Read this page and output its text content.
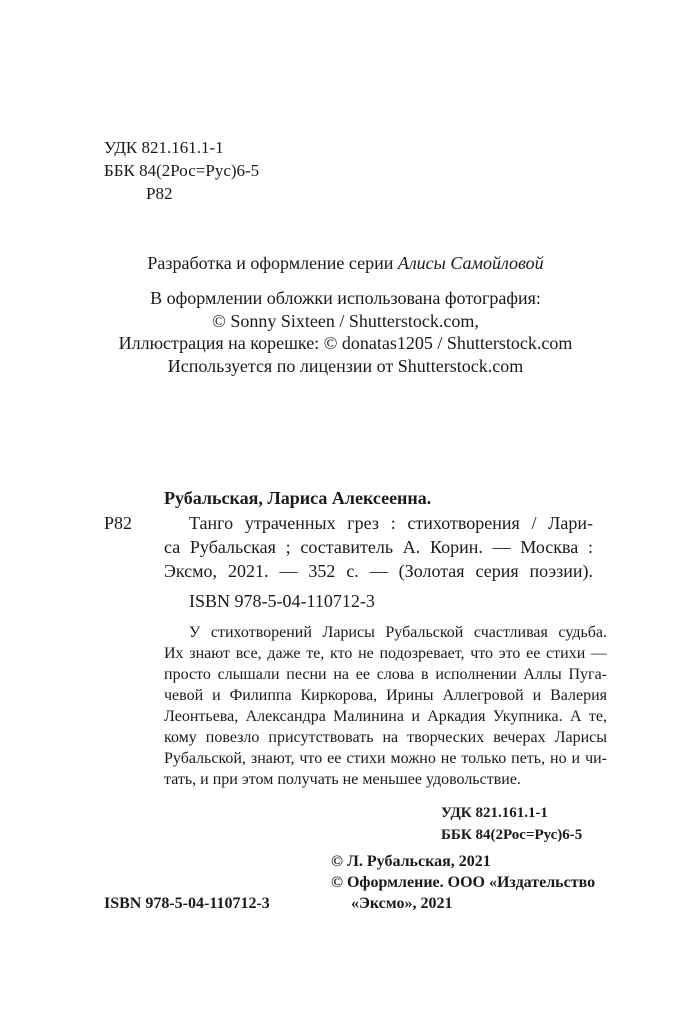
УДК 821.161.1-1
ББК 84(2Рос=Рус)6-5
Р82
Разработка и оформление серии Алисы Самойловой
В оформлении обложки использована фотография:
© Sonny Sixteen / Shutterstock.com,
Иллюстрация на корешке: © donatas1205 / Shutterstock.com
Используется по лицензии от Shutterstock.com
Рубальская, Лариса Алексеенна.
Р82	Танго утраченных грез : стихотворения / Лари-
са Рубальская ; составитель А. Корин. — Москва :
Эксмо, 2021. — 352 с. — (Золотая серия поэзии).
ISBN 978-5-04-110712-3
У стихотворений Ларисы Рубальской счастливая судьба.
Их знают все, даже те, кто не подозревает, что это ее стихи —
просто слышали песни на ее слова в исполнении Аллы Пуга-
чевой и Филиппа Киркорова, Ирины Аллегровой и Валерия
Леонтьева, Александра Малинина и Аркадия Укупника. А те,
кому повезло присутствовать на творческих вечерах Ларисы
Рубальской, знают, что ее стихи можно не только петь, но и чи-
тать, и при этом получать не меньшее удовольствие.
УДК 821.161.1-1
ББК 84(2Рос=Рус)6-5
© Л. Рубальская, 2021
© Оформление. ООО «Издательство
«Эксмо», 2021
ISBN 978-5-04-110712-3
